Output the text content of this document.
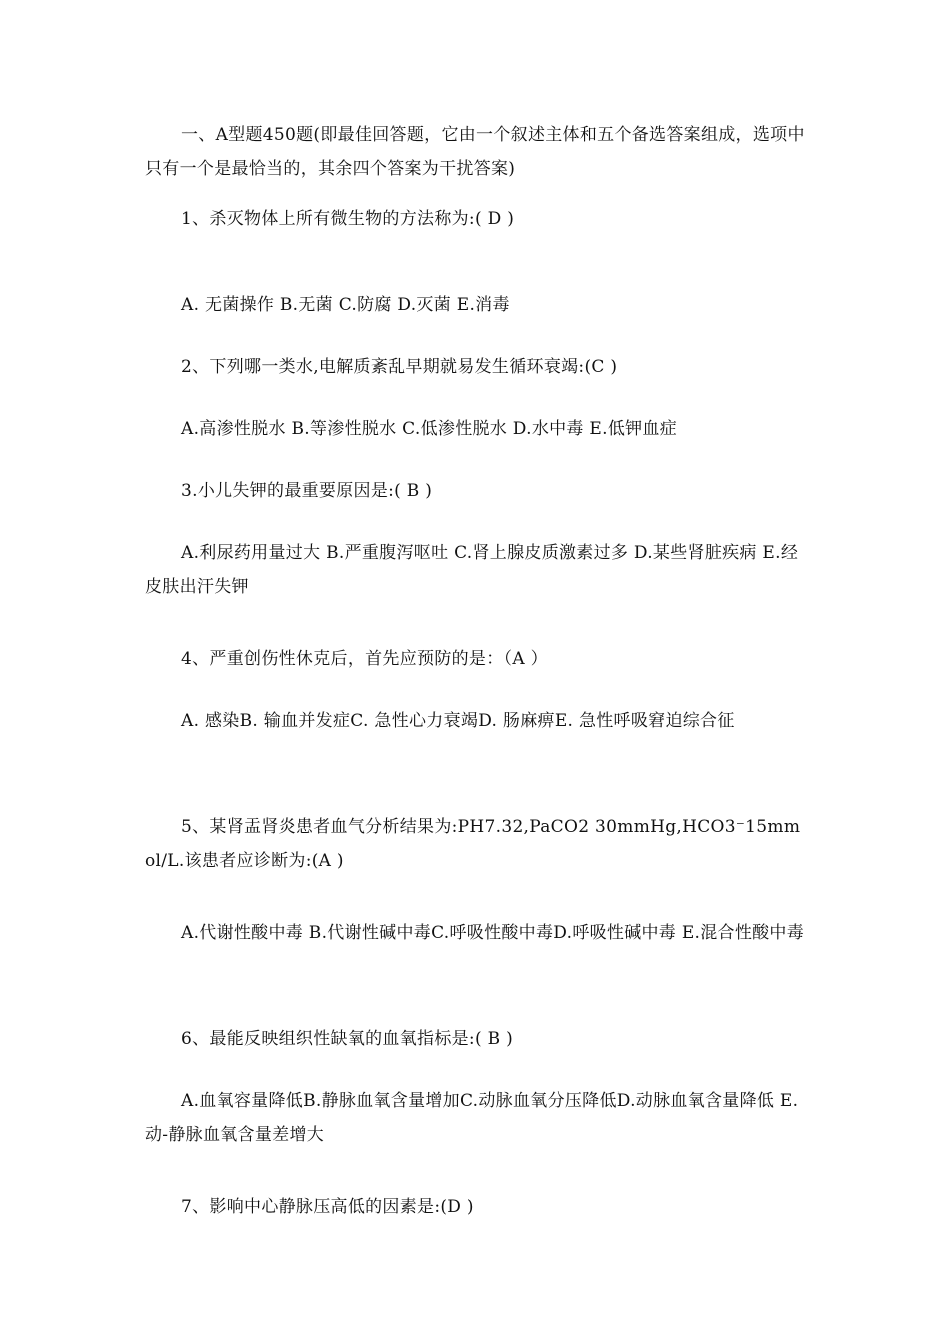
一、A型题450题(即最佳回答题，它由一个叙述主体和五个备选答案组成，选项中只有一个是最恰当的，其余四个答案为干扰答案)

1、杀灭物体上所有微生物的方法称为:( D )

A. 无菌操作 B.无菌 C.防腐 D.灭菌 E.消毒

2、下列哪一类水,电解质紊乱早期就易发生循环衰竭:(C )

A.高渗性脱水 B.等渗性脱水 C.低渗性脱水 D.水中毒 E.低钾血症

3.小儿失钾的最重要原因是:( B )

A.利尿药用量过大 B.严重腹泻呕吐 C.肾上腺皮质激素过多 D.某些肾脏疾病 E.经皮肤出汗失钾

4、严重创伤性休克后，首先应预防的是：（A ）

A. 感染B. 输血并发症C. 急性心力衰竭D. 肠麻痹E. 急性呼吸窘迫综合征

5、某肾盂肾炎患者血气分析结果为:PH7.32,PaCO2 30mmHg,HCO3⁻15mmol/L.该患者应诊断为:(A )

A.代谢性酸中毒 B.代谢性碱中毒C.呼吸性酸中毒D.呼吸性碱中毒 E.混合性酸中毒

6、最能反映组织性缺氧的血氧指标是:( B )

A.血氧容量降低B.静脉血氧含量增加C.动脉血氧分压降低D.动脉血氧含量降低 E.动-静脉血氧含量差增大

7、影响中心静脉压高低的因素是:(D )
